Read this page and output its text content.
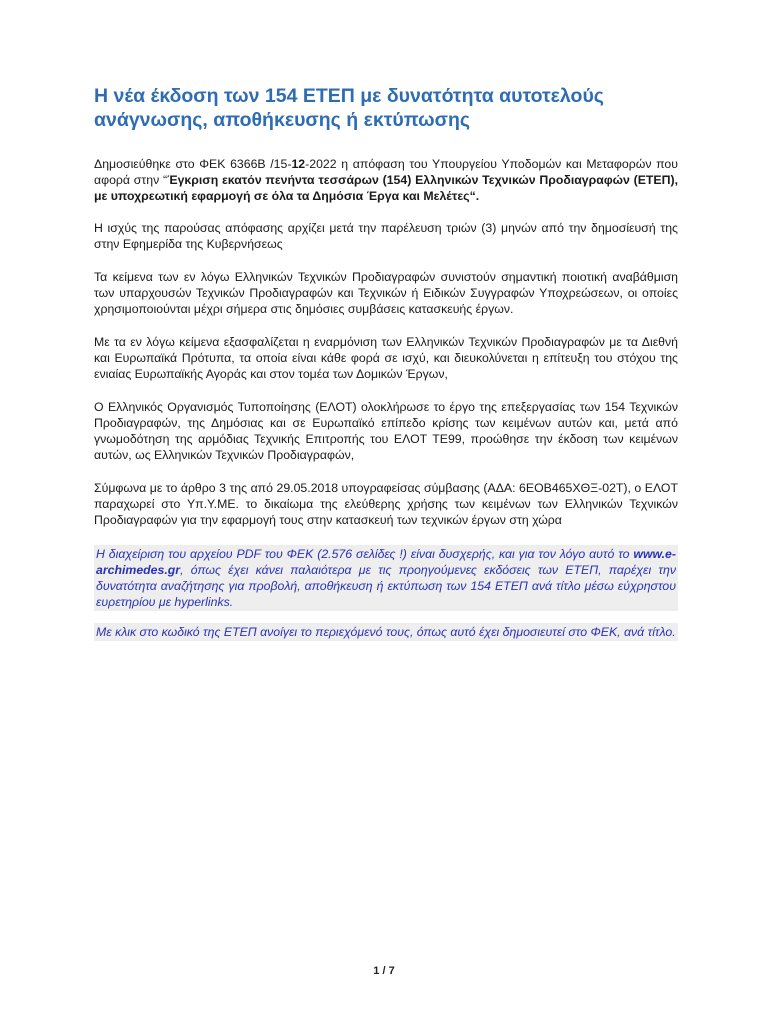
Η νέα έκδοση των 154 ΕΤΕΠ με δυνατότητα αυτοτελούς ανάγνωσης, αποθήκευσης ή εκτύπωσης

Δημοσιεύθηκε στο ΦΕΚ 6366Β /15-12-2022 η απόφαση του Υπουργείου Υποδομών και Μεταφορών που αφορά στην “Έγκριση εκατόν πενήντα τεσσάρων (154) Ελληνικών Τεχνικών Προδιαγραφών (ΕΤΕΠ), με υποχρεωτική εφαρμογή σε όλα τα Δημόσια Έργα και Μελέτες“.

Η ισχύς της παρούσας απόφασης αρχίζει μετά την παρέλευση τριών (3) μηνών από την δημοσίευσή της στην Εφημερίδα της Κυβερνήσεως

Τα κείμενα των εν λόγω Ελληνικών Τεχνικών Προδιαγραφών συνιστούν σημαντική ποιοτική αναβάθμιση των υπαρχουσών Τεχνικών Προδιαγραφών και Τεχνικών ή Ειδικών Συγγραφών Υποχρεώσεων, οι οποίες χρησιμοποιούνται μέχρι σήμερα στις δημόσιες συμβάσεις κατασκευής έργων.

Με τα εν λόγω κείμενα εξασφαλίζεται η εναρμόνιση των Ελληνικών Τεχνικών Προδιαγραφών με τα Διεθνή και Ευρωπαϊκά Πρότυπα, τα οποία είναι κάθε φορά σε ισχύ, και διευκολύνεται η επίτευξη του στόχου της ενιαίας Ευρωπαϊκής Αγοράς και στον τομέα των Δομικών Έργων,

Ο Ελληνικός Οργανισμός Τυποποίησης (ΕΛΟΤ) ολοκλήρωσε το έργο της επεξεργασίας των 154 Τεχνικών Προδιαγραφών, της Δημόσιας και σε Ευρωπαϊκό επίπεδο κρίσης των κειμένων αυτών και, μετά από γνωμοδότηση της αρμόδιας Τεχνικής Επιτροπής του ΕΛΟΤ ΤΕ99, προώθησε την έκδοση των κειμένων αυτών, ως Ελληνικών Τεχνικών Προδιαγραφών,

Σύμφωνα με το άρθρο 3 της από 29.05.2018 υπογραφείσας σύμβασης (ΑΔΑ: 6ΕΟΒ465ΧΘΞ-02Τ), ο ΕΛΟΤ παραχωρεί στο Υπ.Υ.ΜΕ. το δικαίωμα της ελεύθερης χρήσης των κειμένων των Ελληνικών Τεχνικών Προδιαγραφών για την εφαρμογή τους στην κατασκευή των τεχνικών έργων στη χώρα

Η διαχείριση του αρχείου PDF του ΦΕΚ (2.576 σελίδες !) είναι δυσχερής, και για τον λόγο αυτό το www.e-archimedes.gr, όπως έχει κάνει παλαιότερα με τις προηγούμενες εκδόσεις των ΕΤΕΠ, παρέχει την δυνατότητα αναζήτησης για προβολή, αποθήκευση ή εκτύπωση των 154 ΕΤΕΠ ανά τίτλο μέσω εύχρηστου ευρετηρίου με hyperlinks.

Με κλικ στο κωδικό της ΕΤΕΠ ανοίγει το περιεχόμενό τους, όπως αυτό έχει δημοσιευτεί στο ΦΕΚ, ανά τίτλο.

1 / 7
